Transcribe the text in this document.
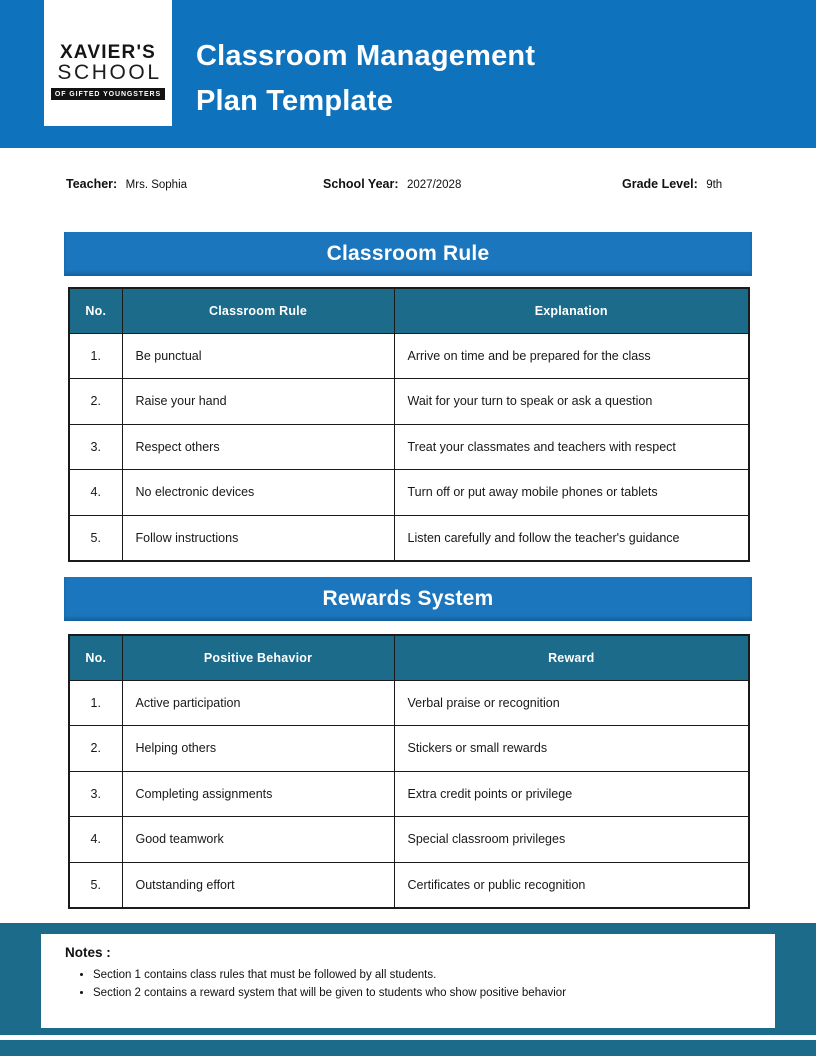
XAVIER'S
SCHOOL
OF GIFTED YOUNGSTERS
Classroom Management
Plan Template
Teacher: Mrs. Sophia	School Year: 2027/2028	Grade Level: 9th
Classroom Rule
No.	Classroom Rule	Explanation
1.	Be punctual	Arrive on time and be prepared for the class
2.	Raise your hand	Wait for your turn to speak or ask a question
3.	Respect others	Treat your classmates and teachers with respect
4.	No electronic devices	Turn off or put away mobile phones or tablets
5.	Follow instructions	Listen carefully and follow the teacher's guidance
Rewards System
No.	Positive Behavior	Reward
1.	Active participation	Verbal praise or recognition
2.	Helping others	Stickers or small rewards
3.	Completing assignments	Extra credit points or privilege
4.	Good teamwork	Special classroom privileges
5.	Outstanding effort	Certificates or public recognition
Notes :
• Section 1 contains class rules that must be followed by all students.
• Section 2 contains a reward system that will be given to students who show positive behavior
